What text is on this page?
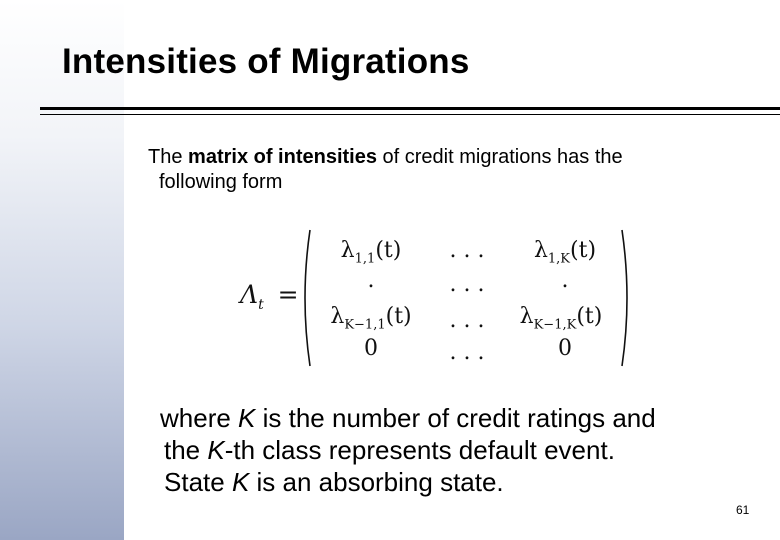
Intensities of Migrations
The matrix of intensities of credit migrations has the
following form
$\Lambda_t$ =
$\lambda_{1,1}(t)$	. . .	$\lambda_{1,K}(t)$
.	. . .	.
$\lambda_{K-1,1}(t)$	. . .	$\lambda_{K-1,K}(t)$
0	. . .	0
where K is the number of credit ratings and
the K-th class represents default event.
State K is an absorbing state.
61
